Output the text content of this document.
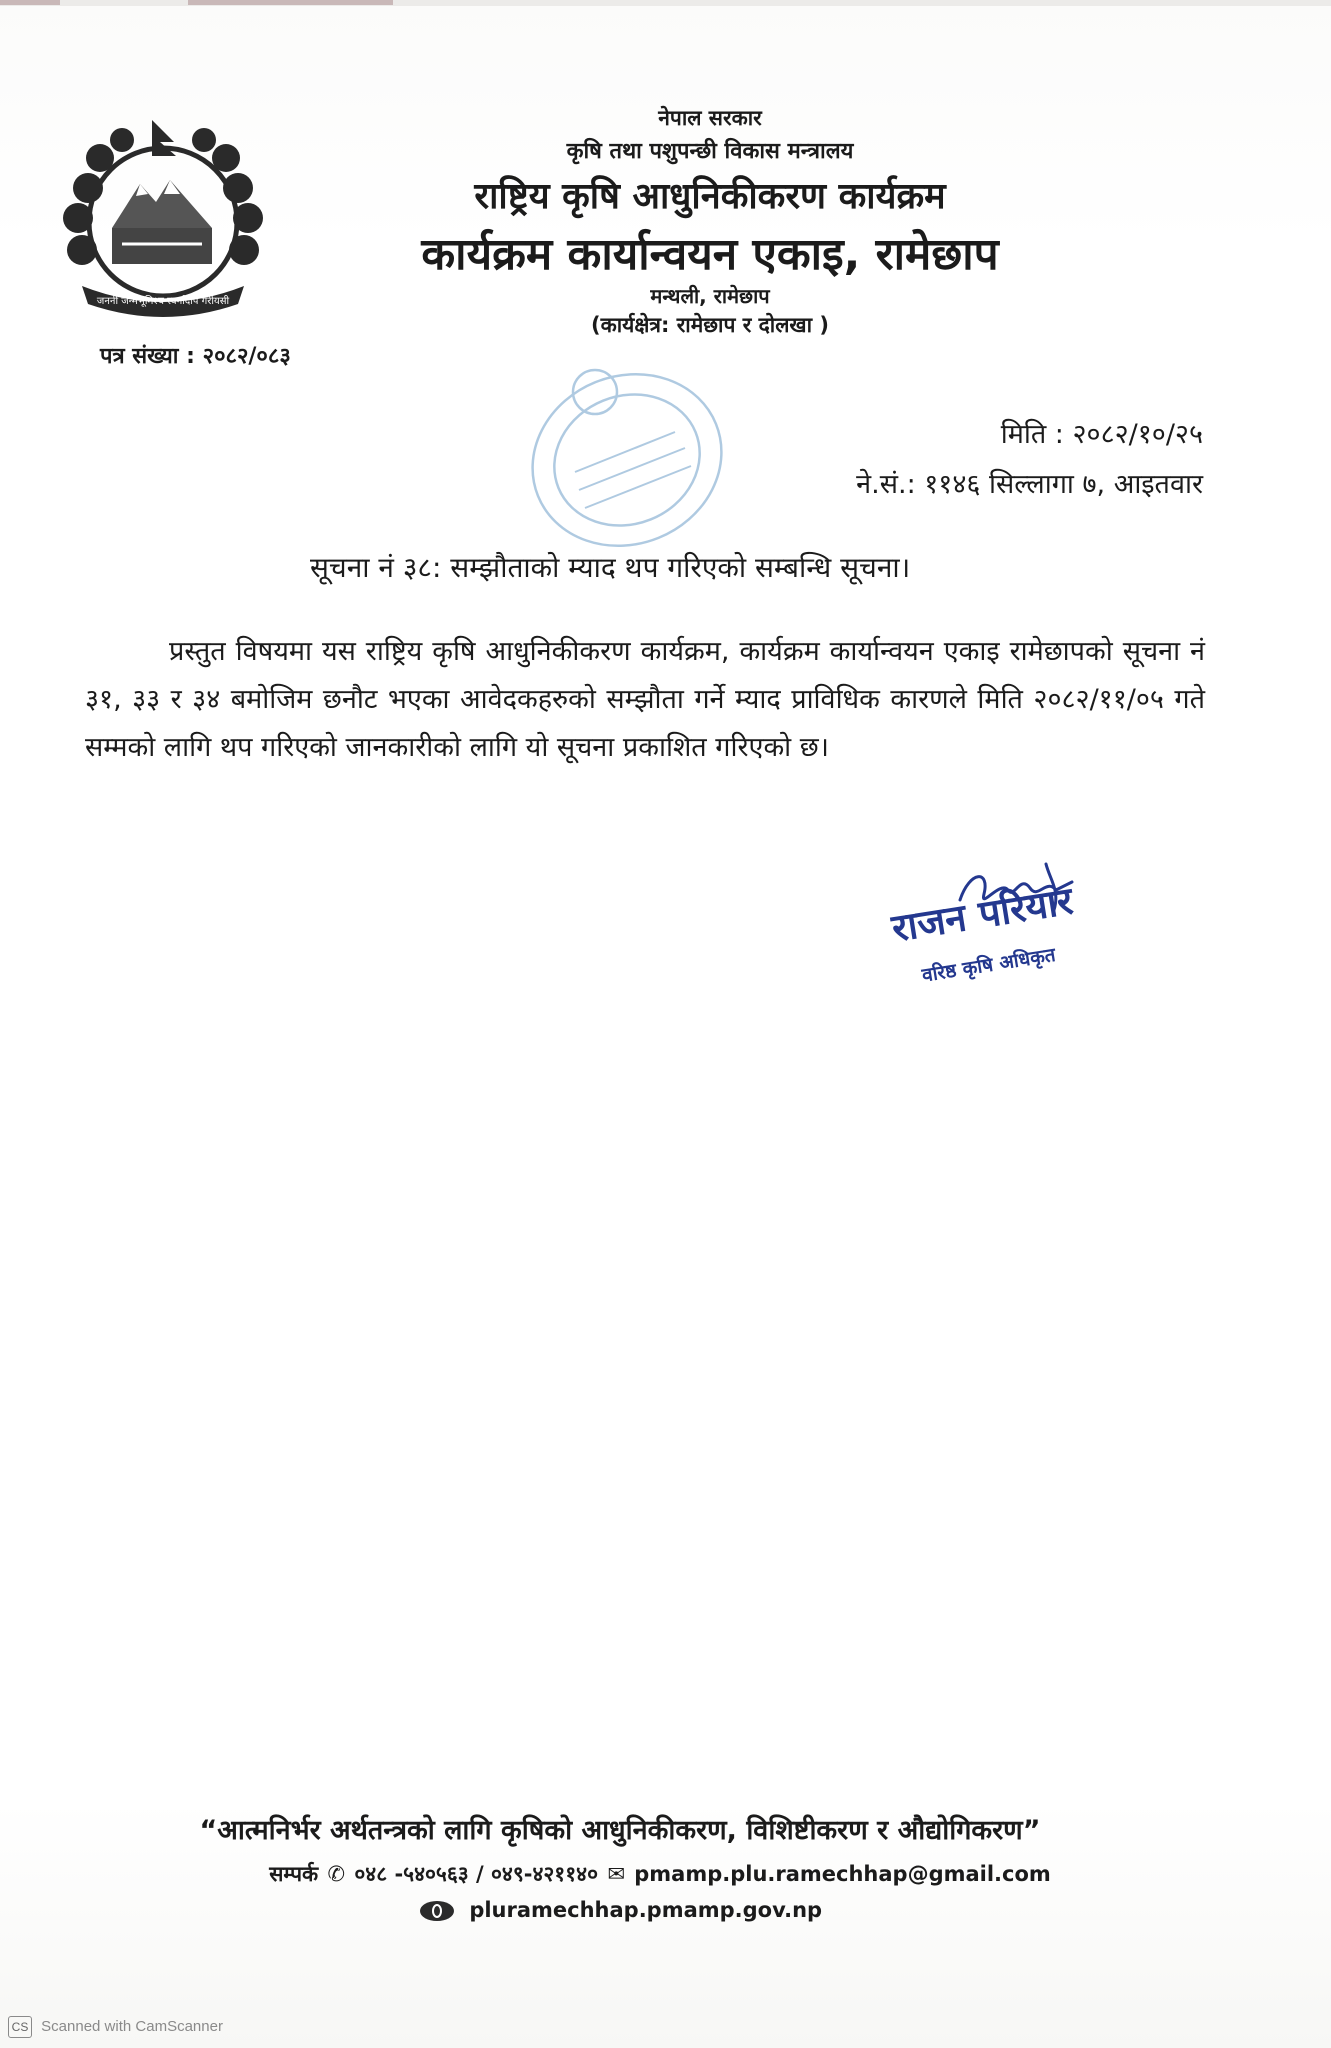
जननी जन्मभूमिश्च स्वर्गादपि गरीयसी
नेपाल सरकार
कृषि तथा पशुपन्छी विकास मन्त्रालय
राष्ट्रिय कृषि आधुनिकीकरण कार्यक्रम
कार्यक्रम कार्यान्वयन एकाइ, रामेछाप
मन्थली, रामेछाप
(कार्यक्षेत्र: रामेछाप र दोलखा )
पत्र संख्या : २०८२/०८३
मिति : २०८२/१०/२५
ने.सं.: ११४६ सिल्लागा ७, आइतवार
सूचना नं ३८: सम्झौताको म्याद थप गरिएको सम्बन्धि सूचना।
प्रस्तुत विषयमा यस राष्ट्रिय कृषि आधुनिकीकरण कार्यक्रम, कार्यक्रम कार्यान्वयन एकाइ रामेछापको सूचना नं ३१, ३३ र ३४ बमोजिम छनौट भएका आवेदकहरुको सम्झौता गर्ने म्याद प्राविधिक कारणले मिति २०८२/११/०५ गते सम्मको लागि थप गरिएको जानकारीको लागि यो सूचना प्रकाशित गरिएको छ।
राजन परियार
वरिष्ठ कृषि अधिकृत
“आत्मनिर्भर अर्थतन्त्रको लागि कृषिको आधुनिकीकरण, विशिष्टीकरण र औद्योगिकरण”
सम्पर्क ✆ ०४८ -५४०५६३ / ०४९-४२११४० ✉ pmamp.plu.ramechhap@gmail.com
pluramechhap.pmamp.gov.np
CS Scanned with CamScanner
